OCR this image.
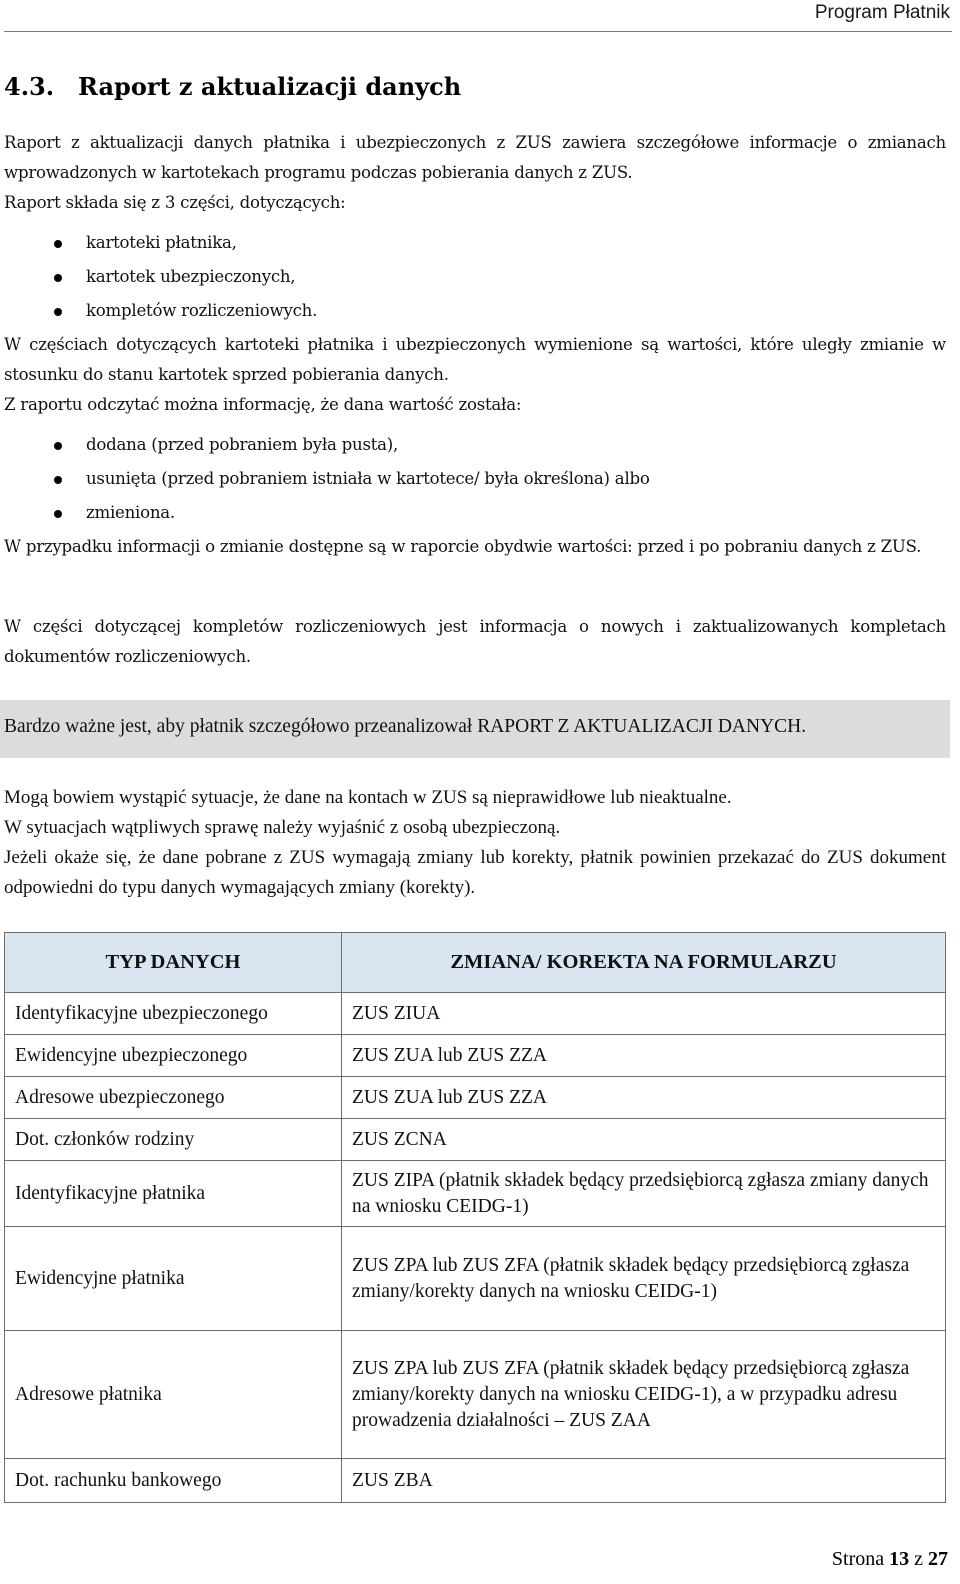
Program Płatnik
4.3. Raport z aktualizacji danych

Raport z aktualizacji danych płatnika i ubezpieczonych z ZUS zawiera szczegółowe informacje o zmianach wprowadzonych w kartotekach programu podczas pobierania danych z ZUS.

Raport składa się z 3 części, dotyczących:

kartoteki płatnika,
kartotek ubezpieczonych,
kompletów rozliczeniowych.

W częściach dotyczących kartoteki płatnika i ubezpieczonych wymienione są wartości, które uległy zmianie w stosunku do stanu kartotek sprzed pobierania danych.

Z raportu odczytać można informację, że dana wartość została:

dodana (przed pobraniem była pusta),
usunięta (przed pobraniem istniała w kartotece/ była określona) albo
zmieniona.

W przypadku informacji o zmianie dostępne są w raporcie obydwie wartości: przed i po pobraniu danych z ZUS.

W części dotyczącej kompletów rozliczeniowych jest informacja o nowych i zaktualizowanych kompletach dokumentów rozliczeniowych.

Bardzo ważne jest, aby płatnik szczegółowo przeanalizował RAPORT Z AKTUALIZACJI DANYCH.

Mogą bowiem wystąpić sytuacje, że dane na kontach w ZUS są nieprawidłowe lub nieaktualne.

W sytuacjach wątpliwych sprawę należy wyjaśnić z osobą ubezpieczoną.

Jeżeli okaże się, że dane pobrane z ZUS wymagają zmiany lub korekty, płatnik powinien przekazać do ZUS dokument odpowiedni do typu danych wymagających zmiany (korekty).

TYP DANYCH	ZMIANA/ KOREKTA NA FORMULARZU
Identyfikacyjne ubezpieczonego	ZUS ZIUA
Ewidencyjne ubezpieczonego	ZUS ZUA lub ZUS ZZA
Adresowe ubezpieczonego	ZUS ZUA lub ZUS ZZA
Dot. członków rodziny	ZUS ZCNA
Identyfikacyjne płatnika	ZUS ZIPA (płatnik składek będący przedsiębiorcą zgłasza zmiany danych na wniosku CEIDG-1)
Ewidencyjne płatnika	ZUS ZPA lub ZUS ZFA (płatnik składek będący przedsiębiorcą zgłasza zmiany/korekty danych na wniosku CEIDG-1)
Adresowe płatnika	ZUS ZPA lub ZUS ZFA (płatnik składek będący przedsiębiorcą zgłasza zmiany/korekty danych na wniosku CEIDG-1), a w przypadku adresu prowadzenia działalności – ZUS ZAA
Dot. rachunku bankowego	ZUS ZBA
Strona 13 z 27
